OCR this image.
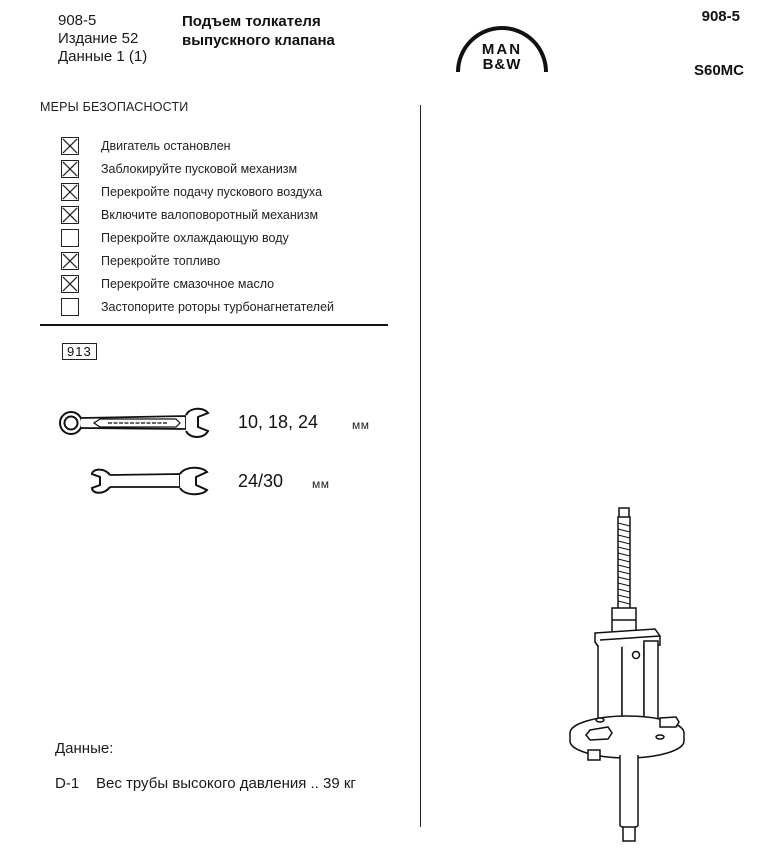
908-5
Издание 52
Данные 1 (1)
Подъем толкателя
выпускного клапана
MAN
B&W
908-5
S60MC
МЕРЫ БЕЗОПАСНОСТИ
Двигатель остановлен
Заблокируйте пусковой механизм
Перекройте подачу пускового воздуха
Включите валоповоротный механизм
Перекройте охлаждающую воду
Перекройте топливо
Перекройте смазочное масло
Застопорите роторы турбонагнетателей
913
10, 18, 24	мм
24/30 мм
Данные:
D-1 Вес трубы высокого давления .. 39 кг
